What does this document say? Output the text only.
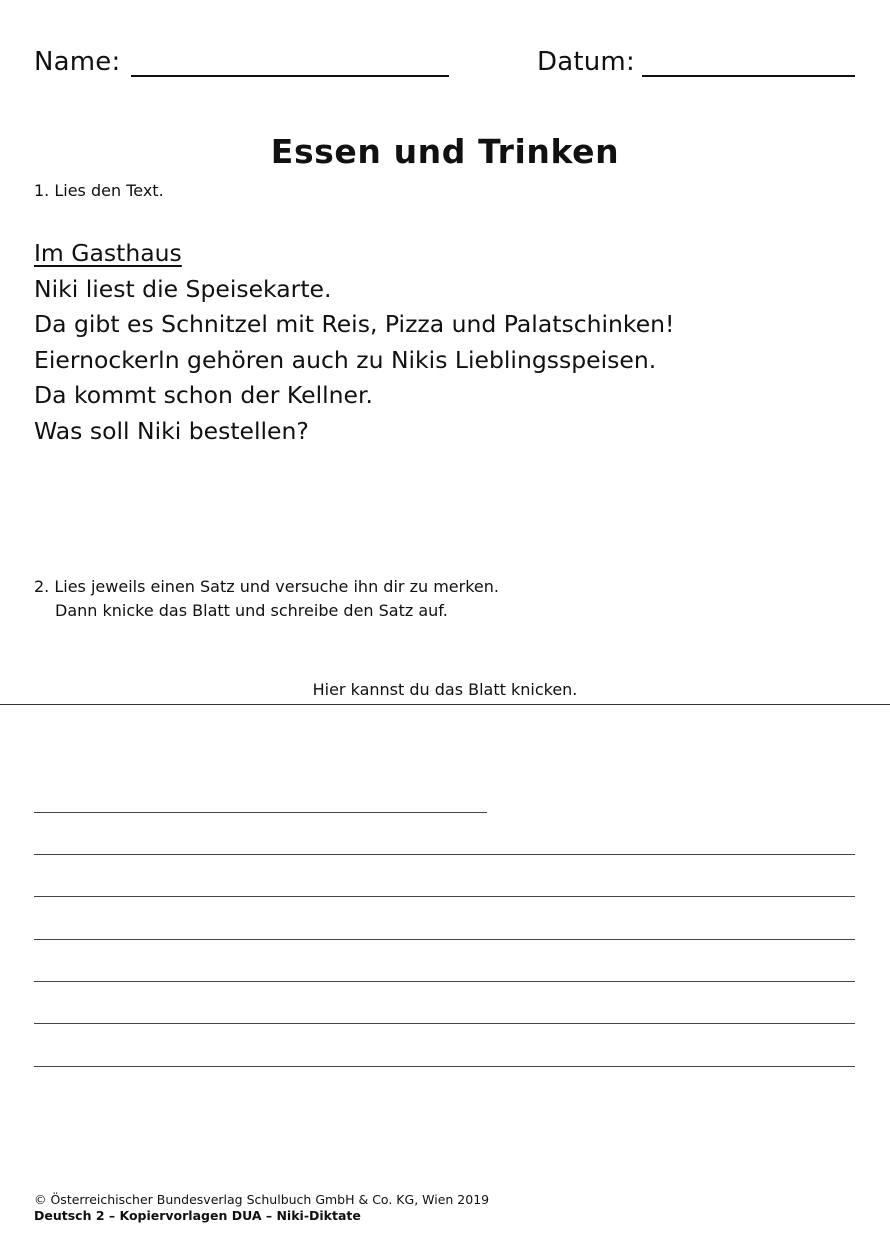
Name:	Datum:
Essen und Trinken
1. Lies den Text.
Im Gasthaus
Niki liest die Speisekarte.
Da gibt es Schnitzel mit Reis, Pizza und Palatschinken!
Eiernockerln gehören auch zu Nikis Lieblingsspeisen.
Da kommt schon der Kellner.
Was soll Niki bestellen?
2. Lies jeweils einen Satz und versuche ihn dir zu merken.
Dann knicke das Blatt und schreibe den Satz auf.
Hier kannst du das Blatt knicken.
© Österreichischer Bundesverlag Schulbuch GmbH & Co. KG, Wien 2019
Deutsch 2 – Kopiervorlagen DUA – Niki-Diktate
